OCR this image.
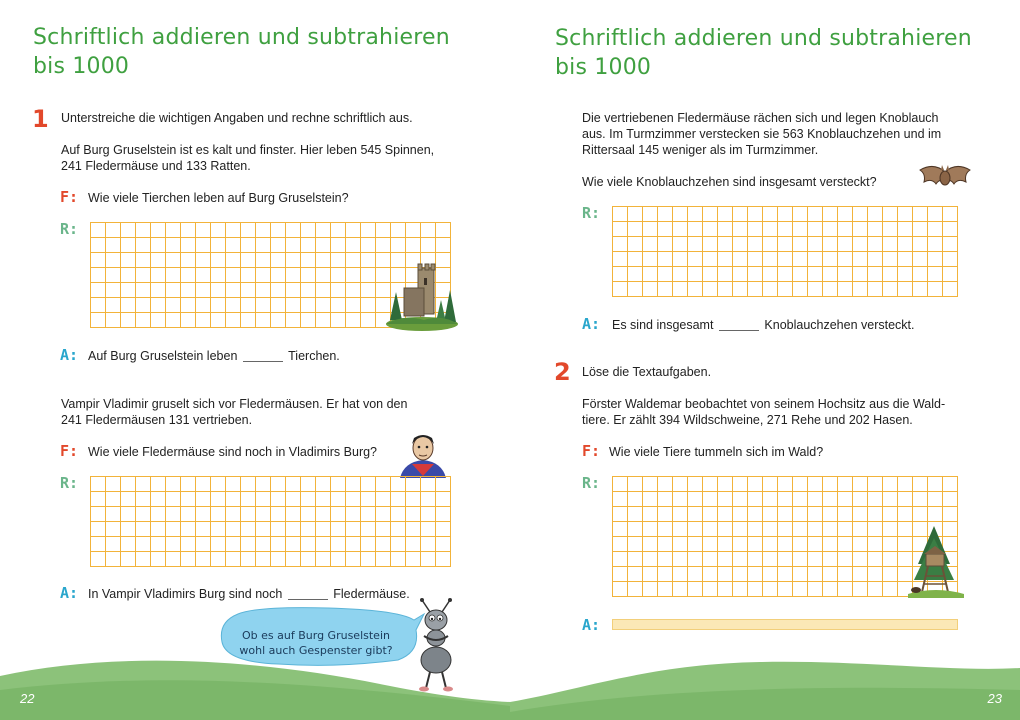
Schriftlich addieren und subtrahieren
bis 1000
1 Unterstreiche die wichtigen Angaben und rechne schriftlich aus.
Auf Burg Gruselstein ist es kalt und finster. Hier leben 545 Spinnen,
241 Fledermäuse und 133 Ratten.
F: Wie viele Tierchen leben auf Burg Gruselstein?
R:
A: Auf Burg Gruselstein leben	Tierchen.
Vampir Vladimir gruselt sich vor Fledermäusen. Er hat von den
241 Fledermäusen 131 vertrieben.
F: Wie viele Fledermäuse sind noch in Vladimirs Burg?
R:
A: In Vampir Vladimirs Burg sind noch	Fledermäuse.
Ob es auf Burg Gruselstein
wohl auch Gespenster gibt?
22
Schriftlich addieren und subtrahieren
bis 1000
Die vertriebenen Fledermäuse rächen sich und legen Knoblauch
aus. Im Turmzimmer verstecken sie 563 Knoblauchzehen und im
Rittersaal 145 weniger als im Turmzimmer.
Wie viele Knoblauchzehen sind insgesamt versteckt?
R:
A: Es sind insgesamt	Knoblauchzehen versteckt.
2 Löse die Textaufgaben.
Förster Waldemar beobachtet von seinem Hochsitz aus die Wald-
tiere. Er zählt 394 Wildschweine, 271 Rehe und 202 Hasen.
F: Wie viele Tiere tummeln sich im Wald?
R:
A:
23
